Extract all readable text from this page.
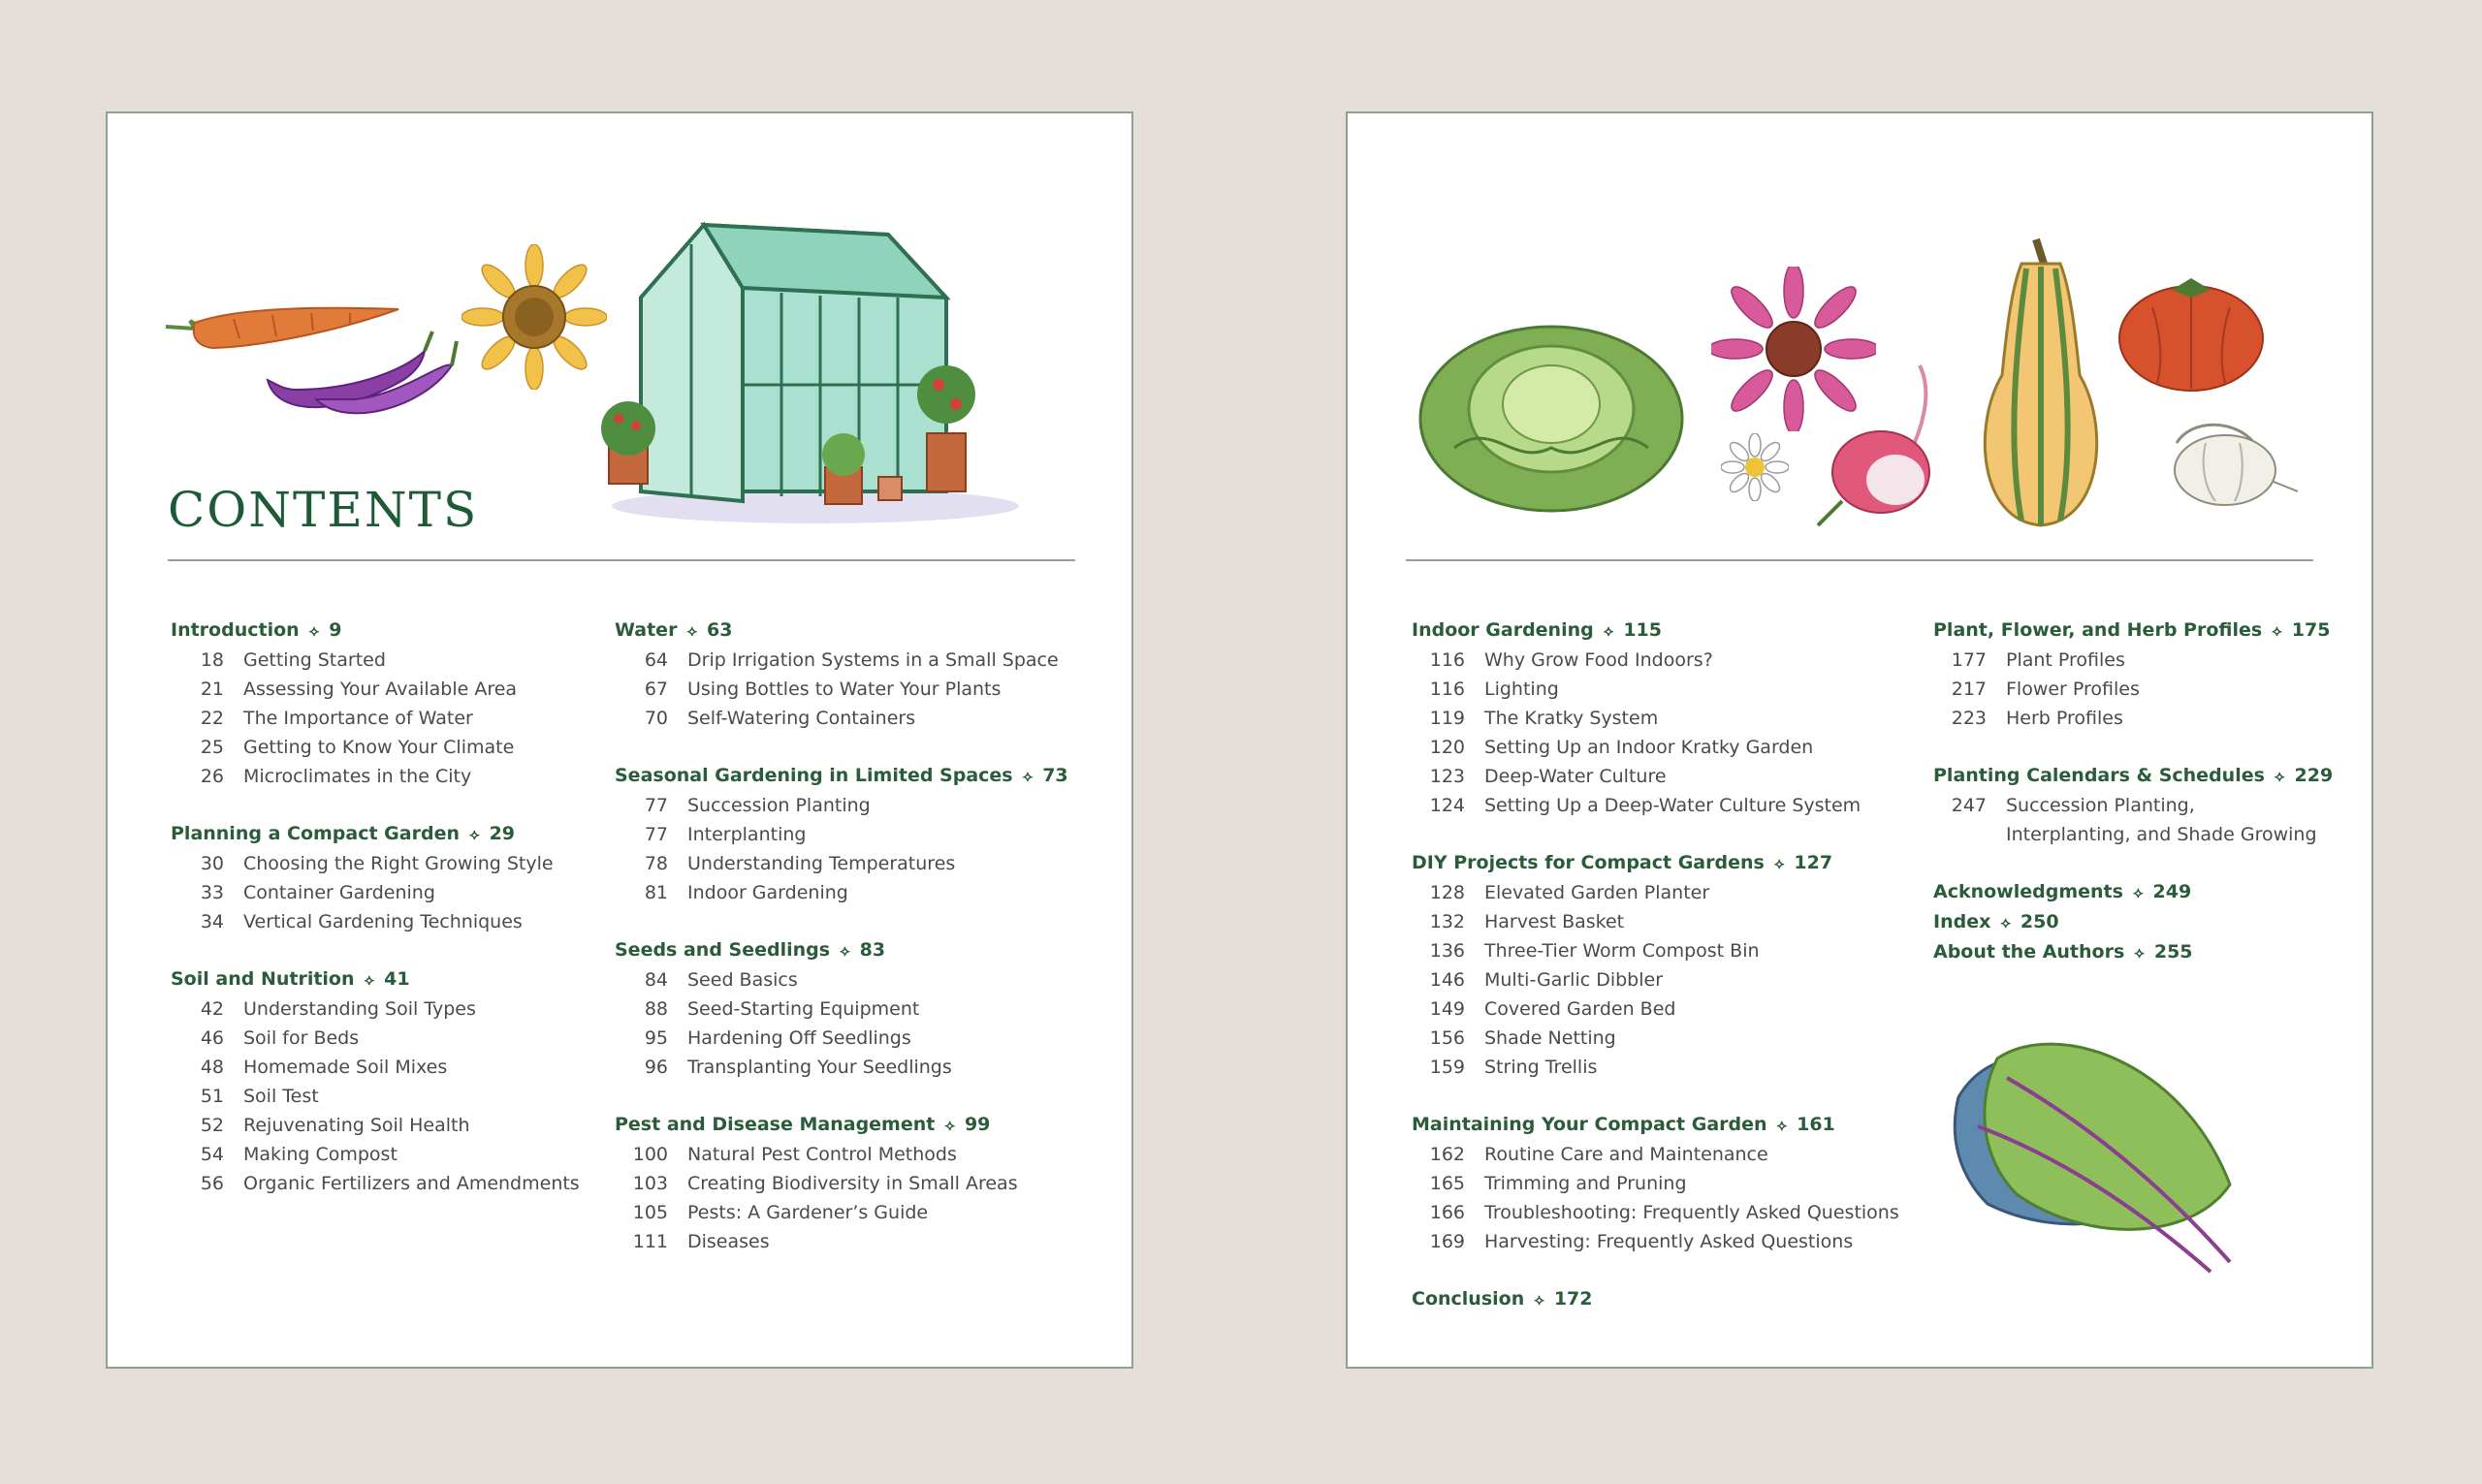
CONTENTS
Introduction ⟡ 9
18	Getting Started
21	Assessing Your Available Area
22	The Importance of Water
25	Getting to Know Your Climate
26	Microclimates in the City
Planning a Compact Garden ⟡ 29
30	Choosing the Right Growing Style
33	Container Gardening
34	Vertical Gardening Techniques
Soil and Nutrition ⟡ 41
42	Understanding Soil Types
46	Soil for Beds
48	Homemade Soil Mixes
51	Soil Test
52	Rejuvenating Soil Health
54	Making Compost
56	Organic Fertilizers and Amendments
Water ⟡ 63
64	Drip Irrigation Systems in a Small Space
67	Using Bottles to Water Your Plants
70	Self-Watering Containers
Seasonal Gardening in Limited Spaces ⟡ 73
77	Succession Planting
77	Interplanting
78	Understanding Temperatures
81	Indoor Gardening
Seeds and Seedlings ⟡ 83
84	Seed Basics
88	Seed-Starting Equipment
95	Hardening Off Seedlings
96	Transplanting Your Seedlings
Pest and Disease Management ⟡ 99
100	Natural Pest Control Methods
103	Creating Biodiversity in Small Areas
105	Pests: A Gardener’s Guide
111	Diseases
Indoor Gardening ⟡ 115
116	Why Grow Food Indoors?
116	Lighting
119	The Kratky System
120	Setting Up an Indoor Kratky Garden
123	Deep-Water Culture
124	Setting Up a Deep-Water Culture System
DIY Projects for Compact Gardens ⟡ 127
128	Elevated Garden Planter
132	Harvest Basket
136	Three-Tier Worm Compost Bin
146	Multi-Garlic Dibbler
149	Covered Garden Bed
156	Shade Netting
159	String Trellis
Maintaining Your Compact Garden ⟡ 161
162	Routine Care and Maintenance
165	Trimming and Pruning
166	Troubleshooting: Frequently Asked Questions
169	Harvesting: Frequently Asked Questions
Conclusion ⟡ 172
Plant, Flower, and Herb Profiles ⟡ 175
177	Plant Profiles
217	Flower Profiles
223	Herb Profiles
Planting Calendars & Schedules ⟡ 229
247	Succession Planting,
Interplanting, and Shade Growing
Acknowledgments ⟡ 249
Index ⟡ 250
About the Authors ⟡ 255
